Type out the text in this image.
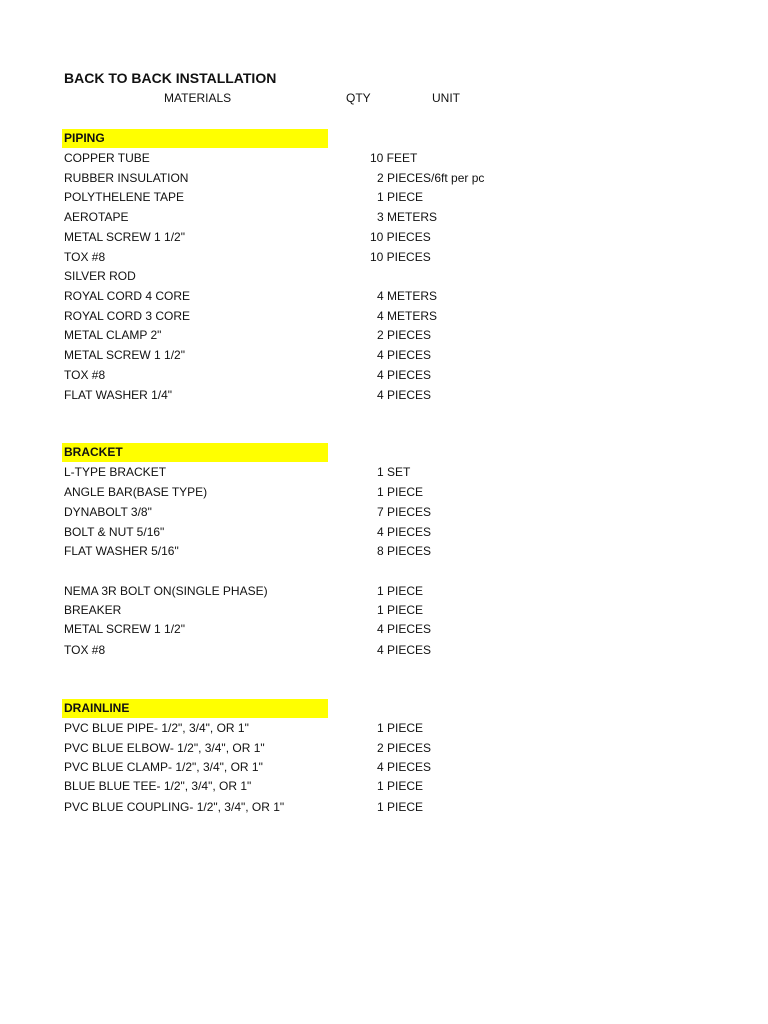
BACK TO BACK INSTALLATION
MATERIALS	QTY	UNIT
PIPING
COPPER TUBE	10 FEET
RUBBER INSULATION	2 PIECES/6ft per pc
POLYTHELENE TAPE	1 PIECE
AEROTAPE	3 METERS
METAL SCREW 1 1/2"	10 PIECES
TOX #8	10 PIECES
SILVER ROD
ROYAL CORD 4 CORE	4 METERS
ROYAL CORD 3 CORE	4 METERS
METAL CLAMP 2"	2 PIECES
METAL SCREW 1 1/2"	4 PIECES
TOX #8	4 PIECES
FLAT WASHER 1/4"	4 PIECES
BRACKET
L-TYPE BRACKET	1 SET
ANGLE BAR(BASE TYPE)	1 PIECE
DYNABOLT 3/8"	7 PIECES
BOLT & NUT 5/16"	4 PIECES
FLAT WASHER 5/16"	8 PIECES
NEMA 3R BOLT ON(SINGLE PHASE)	1 PIECE
BREAKER	1 PIECE
METAL SCREW 1 1/2"	4 PIECES
TOX #8	4 PIECES
DRAINLINE
PVC BLUE PIPE- 1/2", 3/4", OR 1"	1 PIECE
PVC BLUE ELBOW- 1/2", 3/4", OR 1"	2 PIECES
PVC BLUE CLAMP- 1/2", 3/4", OR 1"	4 PIECES
BLUE BLUE TEE- 1/2", 3/4", OR 1"	1 PIECE
PVC BLUE COUPLING- 1/2", 3/4", OR 1"	1 PIECE
